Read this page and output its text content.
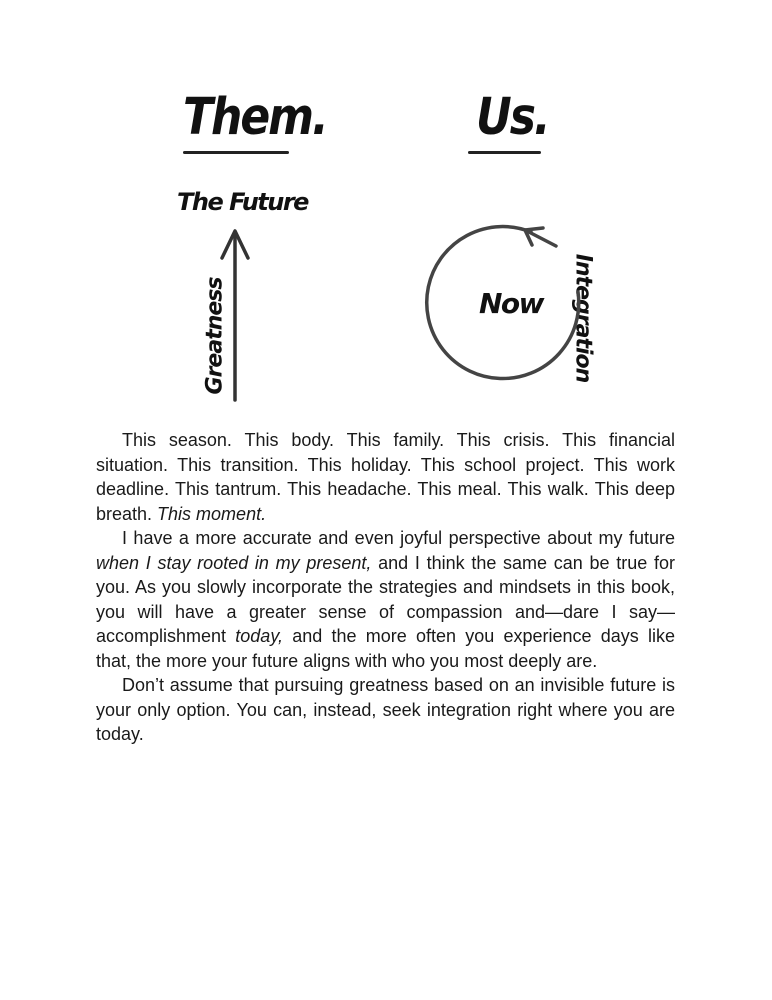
Them.	Us.
The Future
Greatness	Now Integration

This season. This body. This family. This crisis. This financial situation. This transition. This holiday. This school project. This work deadline. This tantrum. This headache. This meal. This walk. This deep breath. This moment.

I have a more accurate and even joyful perspective about my future when I stay rooted in my present, and I think the same can be true for you. As you slowly incorporate the strategies and mindsets in this book, you will have a greater sense of compassion and—dare I say—accomplishment today, and the more often you experience days like that, the more your future aligns with who you most deeply are.

Don’t assume that pursuing greatness based on an invisible future is your only option. You can, instead, seek integration right where you are today.
